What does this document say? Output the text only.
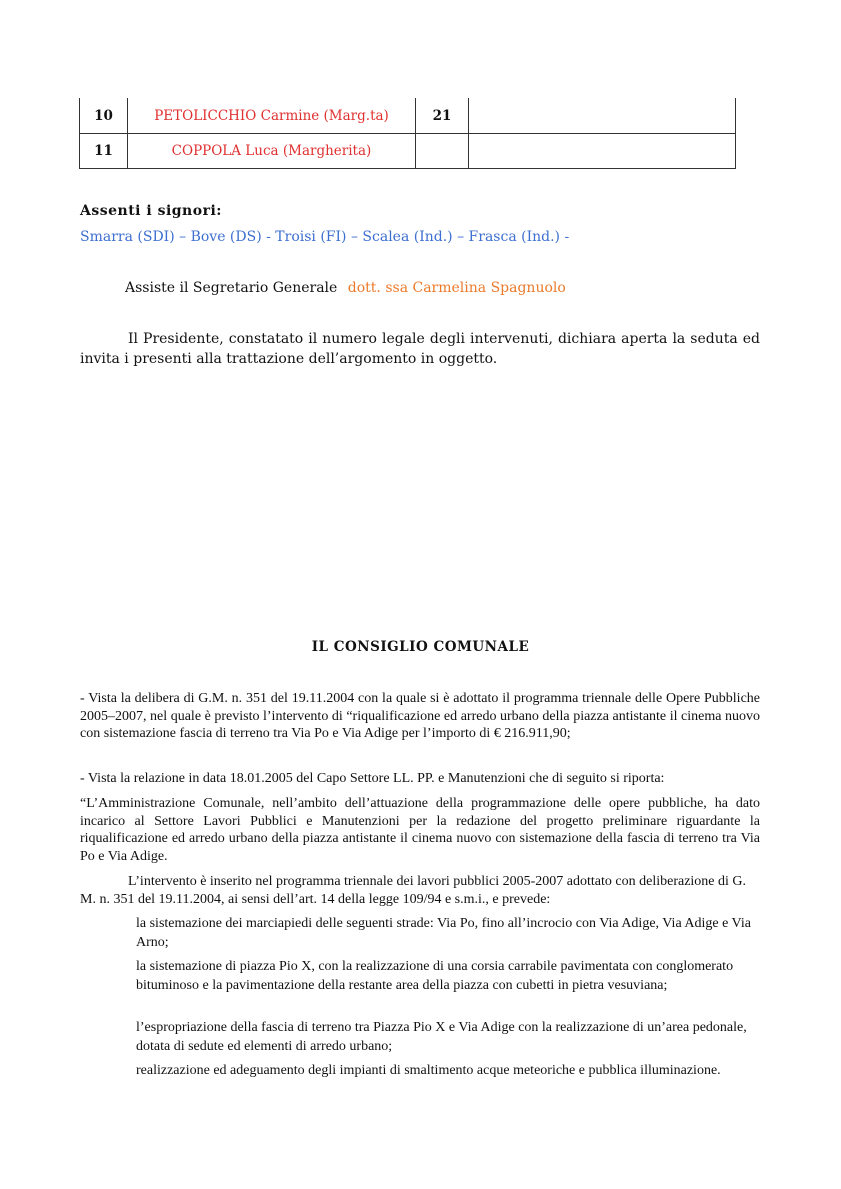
10	PETOLICCHIO Carmine (Marg.ta)	21	
11	COPPOLA Luca (Margherita)		
Assenti i signori:
Smarra (SDI) – Bove (DS) - Troisi (FI) – Scalea (Ind.) – Frasca (Ind.) -
Assiste il Segretario Generale dott. ssa Carmelina Spagnuolo
Il Presidente, constatato il numero legale degli intervenuti, dichiara aperta la seduta ed invita i presenti alla trattazione dell’argomento in oggetto.
IL CONSIGLIO COMUNALE
- Vista la delibera di G.M. n. 351 del 19.11.2004 con la quale si è adottato il programma triennale delle Opere Pubbliche 2005–2007, nel quale è previsto l’intervento di “riqualificazione ed arredo urbano della piazza antistante il cinema nuovo con sistemazione fascia di terreno tra Via Po e Via Adige per l’importo di € 216.911,90;
- Vista la relazione in data 18.01.2005 del Capo Settore LL. PP. e Manutenzioni che di seguito si riporta:
“L’Amministrazione Comunale, nell’ambito dell’attuazione della programmazione delle opere pubbliche, ha dato incarico al Settore Lavori Pubblici e Manutenzioni per la redazione del progetto preliminare riguardante la riqualificazione ed arredo urbano della piazza antistante il cinema nuovo con sistemazione della fascia di terreno tra Via Po e Via Adige.
L’intervento è inserito nel programma triennale dei lavori pubblici 2005-2007 adottato con deliberazione di G. M. n. 351 del 19.11.2004, ai sensi dell’art. 14 della legge 109/94 e s.m.i., e prevede:
la sistemazione dei marciapiedi delle seguenti strade: Via Po, fino all’incrocio con Via Adige, Via Adige e Via Arno;
la sistemazione di piazza Pio X, con la realizzazione di una corsia carrabile pavimentata con conglomerato bituminoso e la pavimentazione della restante area della piazza con cubetti in pietra vesuviana;
l’espropriazione della fascia di terreno tra Piazza Pio X e Via Adige con la realizzazione di un’area pedonale, dotata di sedute ed elementi di arredo urbano;
realizzazione ed adeguamento degli impianti di smaltimento acque meteoriche e pubblica illuminazione.
